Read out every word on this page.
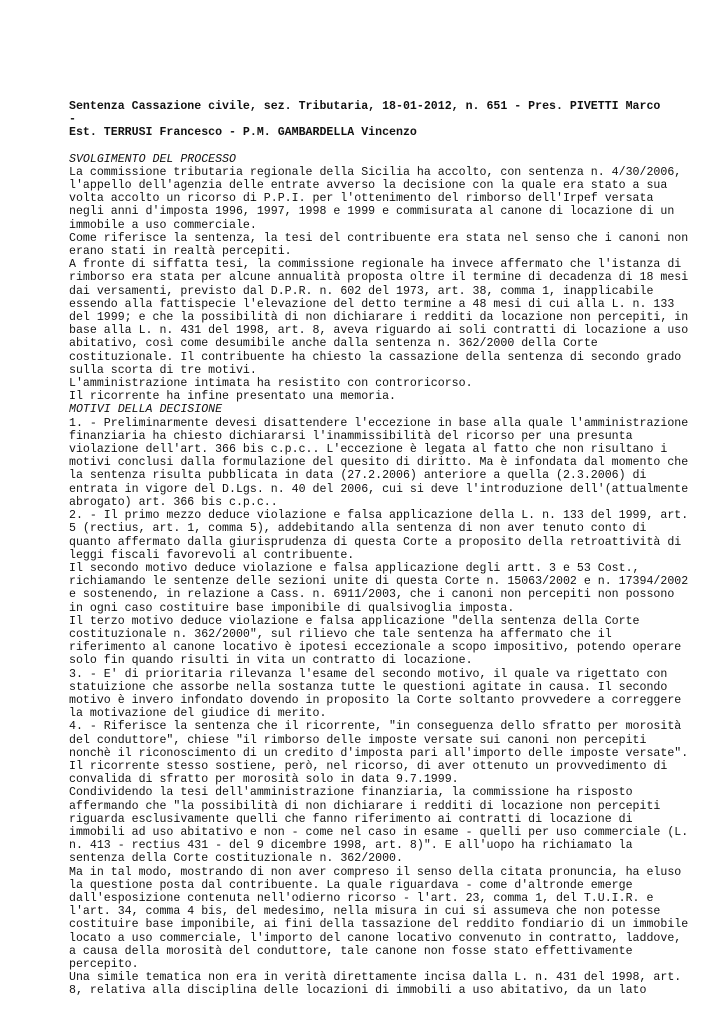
Sentenza Cassazione civile, sez. Tributaria, 18-01-2012, n. 651 - Pres. PIVETTI Marco -
Est. TERRUSI Francesco - P.M. GAMBARDELLA Vincenzo
SVOLGIMENTO DEL PROCESSO
La commissione tributaria regionale della Sicilia ha accolto, con sentenza n. 4/30/2006,
l'appello dell'agenzia delle entrate avverso la decisione con la quale era stato a sua
volta accolto un ricorso di P.P.I. per l'ottenimento del rimborso dell'Irpef versata
negli anni d'imposta 1996, 1997, 1998 e 1999 e commisurata al canone di locazione di un
immobile a uso commerciale.
Come riferisce la sentenza, la tesi del contribuente era stata nel senso che i canoni non
erano stati in realtà percepiti.
A fronte di siffatta tesi, la commissione regionale ha invece affermato che l'istanza di
rimborso era stata per alcune annualità proposta oltre il termine di decadenza di 18 mesi
dai versamenti, previsto dal D.P.R. n. 602 del 1973, art. 38, comma 1, inapplicabile
essendo alla fattispecie l'elevazione del detto termine a 48 mesi di cui alla L. n. 133
del 1999; e che la possibilità di non dichiarare i redditi da locazione non percepiti, in
base alla L. n. 431 del 1998, art. 8, aveva riguardo ai soli contratti di locazione a uso
abitativo, così come desumibile anche dalla sentenza n. 362/2000 della Corte
costituzionale. Il contribuente ha chiesto la cassazione della sentenza di secondo grado
sulla scorta di tre motivi.
L'amministrazione intimata ha resistito con controricorso.
Il ricorrente ha infine presentato una memoria.
MOTIVI DELLA DECISIONE
1. - Preliminarmente devesi disattendere l'eccezione in base alla quale l'amministrazione
finanziaria ha chiesto dichiararsi l'inammissibilità del ricorso per una presunta
violazione dell'art. 366 bis c.p.c.. L'eccezione è legata al fatto che non risultano i
motivi conclusi dalla formulazione del quesito di diritto. Ma è infondata dal momento che
la sentenza risulta pubblicata in data (27.2.2006) anteriore a quella (2.3.2006) di
entrata in vigore del D.Lgs. n. 40 del 2006, cui si deve l'introduzione dell'(attualmente
abrogato) art. 366 bis c.p.c..
2. - Il primo mezzo deduce violazione e falsa applicazione della L. n. 133 del 1999, art.
5 (rectius, art. 1, comma 5), addebitando alla sentenza di non aver tenuto conto di
quanto affermato dalla giurisprudenza di questa Corte a proposito della retroattività di
leggi fiscali favorevoli al contribuente.
Il secondo motivo deduce violazione e falsa applicazione degli artt. 3 e 53 Cost.,
richiamando le sentenze delle sezioni unite di questa Corte n. 15063/2002 e n. 17394/2002
e sostenendo, in relazione a Cass. n. 6911/2003, che i canoni non percepiti non possono
in ogni caso costituire base imponibile di qualsivoglia imposta.
Il terzo motivo deduce violazione e falsa applicazione "della sentenza della Corte
costituzionale n. 362/2000", sul rilievo che tale sentenza ha affermato che il
riferimento al canone locativo è ipotesi eccezionale a scopo impositivo, potendo operare
solo fin quando risulti in vita un contratto di locazione.
3. - E' di prioritaria rilevanza l'esame del secondo motivo, il quale va rigettato con
statuizione che assorbe nella sostanza tutte le questioni agitate in causa. Il secondo
motivo è invero infondato dovendo in proposito la Corte soltanto provvedere a correggere
la motivazione del giudice di merito.
4. - Riferisce la sentenza che il ricorrente, "in conseguenza dello sfratto per morosità
del conduttore", chiese "il rimborso delle imposte versate sui canoni non percepiti
nonchè il riconoscimento di un credito d'imposta pari all'importo delle imposte versate".
Il ricorrente stesso sostiene, però, nel ricorso, di aver ottenuto un provvedimento di
convalida di sfratto per morosità solo in data 9.7.1999.
Condividendo la tesi dell'amministrazione finanziaria, la commissione ha risposto
affermando che "la possibilità di non dichiarare i redditi di locazione non percepiti
riguarda esclusivamente quelli che fanno riferimento ai contratti di locazione di
immobili ad uso abitativo e non - come nel caso in esame - quelli per uso commerciale (L.
n. 413 - rectius 431 - del 9 dicembre 1998, art. 8)". E all'uopo ha richiamato la
sentenza della Corte costituzionale n. 362/2000.
Ma in tal modo, mostrando di non aver compreso il senso della citata pronuncia, ha eluso
la questione posta dal contribuente. La quale riguardava - come d'altronde emerge
dall'esposizione contenuta nell'odierno ricorso - l'art. 23, comma 1, del T.U.I.R. e
l'art. 34, comma 4 bis, del medesimo, nella misura in cui si assumeva che non potesse
costituire base imponibile, ai fini della tassazione del reddito fondiario di un immobile
locato a uso commerciale, l'importo del canone locativo convenuto in contratto, laddove,
a causa della morosità del conduttore, tale canone non fosse stato effettivamente
percepito.
Una simile tematica non era in verità direttamente incisa dalla L. n. 431 del 1998, art.
8, relativa alla disciplina delle locazioni di immobili a uso abitativo, da un lato
